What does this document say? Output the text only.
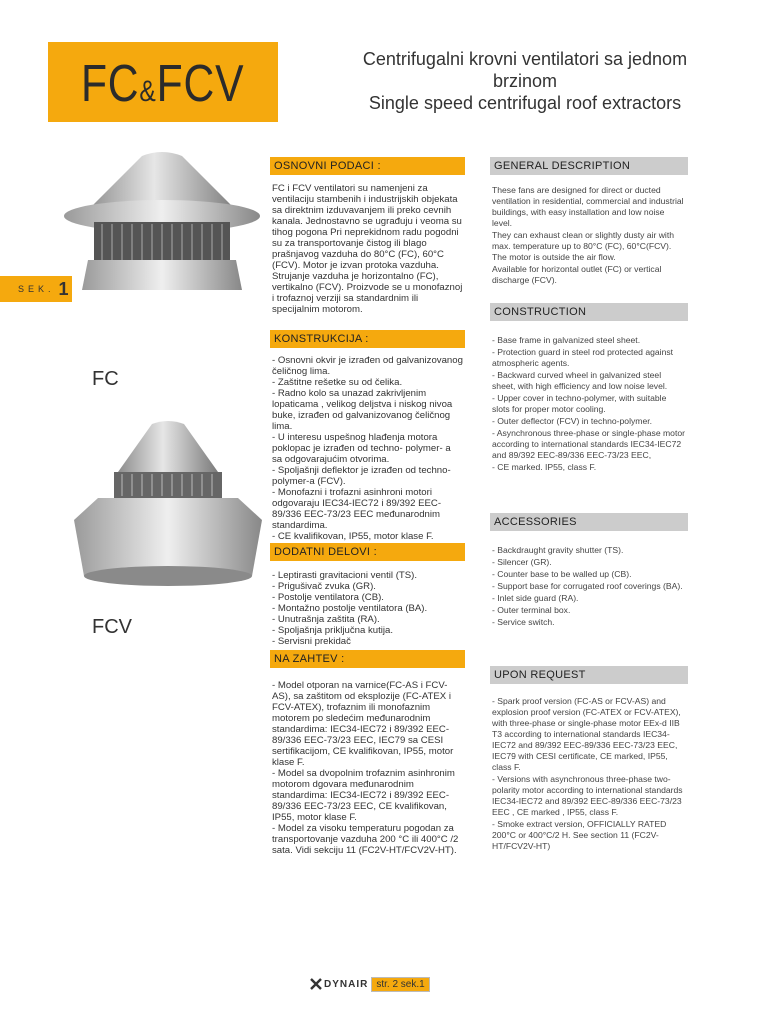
FC&FCV	Centrifugalni krovni ventilatori sa jednom
brzinom
Single speed centrifugal roof extractors
SEK. 1
FC
FCV
OSNOVNI PODACI :
FC i FCV ventilatori su namenjeni za ventilaciju stambenih i industrijskih objekata sa direktnim izduvavanjem ili preko cevnih kanala. Jednostavno se ugrađuju i veoma su tihog pogona Pri neprekidnom radu pogodni su za transportovanje čistog ili blago prašnjavog vazduha do 80°C (FC), 60°C (FCV). Motor je izvan protoka vazduha. Strujanje vazduha je horizontalno (FC), vertikalno (FCV). Proizvode se u monofaznoj i trofaznoj verziji sa standardnim ili specijalnim motorom.
KONSTRUKCIJA :

- Osnovni okvir je izrađen od galvanizovanog čeličnog lima.

- Zaštitne rešetke su od čelika.

- Radno kolo sa unazad zakrivljenim lopaticama , velikog deljstva i niskog nivoa buke, izrađen od galvanizovanog čeličnog lima.

- U interesu uspešnog hlađenja motora poklopac je izrađen od techno- polymer- a sa odgovarajućim otvorima.

- Spoljašnji deflektor je izrađen od techno-polymer-a (FCV).

- Monofazni i trofazni asinhroni motori odgovaraju IEC34-IEC72 i 89/392 EEC-89/336 EEC-73/23 EEC međunarodnim standardima.

- CE kvalifikovan, IP55, motor klase F.

DODATNI DELOVI :

- Leptirasti gravitacioni ventil (TS).

- Prigušivač zvuka (GR).

- Postolje ventilatora (CB).

- Montažno postolje ventilatora (BA).

- Unutrašnja zaštita (RA).

- Spoljašnja priključna kutija.

- Servisni prekidač

NA ZAHTEV :

- Model otporan na varnice(FC-AS i FCV-AS), sa zaštitom od eksplozije (FC-ATEX i FCV-ATEX), trofaznim ili monofaznim motorem po sledećim međunarodnim standardima: IEC34-IEC72 i 89/392 EEC-89/336 EEC-73/23 EEC, IEC79 sa CESI sertifikacijom, CE kvalifikovan, IP55, motor klase F.

- Model sa dvopolnim trofaznim asinhronim motorom dgovara međunarodnim standardima: IEC34-IEC72 i 89/392 EEC-89/336 EEC-73/23 EEC, CE kvalifikovan, IP55, motor klase F.

- Model za visoku temperaturu pogodan za transportovanje vazduha 200 °C ili 400°C /2 sata. Vidi sekciju 11 (FC2V-HT/FCV2V-HT).

GENERAL DESCRIPTION

These fans are designed for direct or ducted ventilation in residential, commercial and industrial buildings, with easy installation and low noise level.

They can exhaust clean or slightly dusty air with max. temperature up to 80°C (FC), 60°C(FCV). The motor is outside the air flow.

Available for horizontal outlet (FC) or vertical discharge (FCV).

CONSTRUCTION

- Base frame in galvanized steel sheet.

- Protection guard in steel rod protected against atmospheric agents.

- Backward curved wheel in galvanized steel sheet, with high efficiency and low noise level.

- Upper cover in techno-polymer, with suitable slots for proper motor cooling.

- Outer deflector (FCV) in techno-polymer.

- Asynchronous three-phase or single-phase motor according to international standards IEC34-IEC72 and 89/392 EEC-89/336 EEC-73/23 EEC,

- CE marked. IP55, class F.

ACCESSORIES

- Backdraught gravity shutter (TS).

- Silencer (GR).

- Counter base to be walled up (CB).

- Support base for corrugated roof coverings (BA).

- Inlet side guard (RA).

- Outer terminal box.

- Service switch.

UPON REQUEST

- Spark proof version (FC-AS or FCV-AS) and explosion proof version (FC-ATEX or FCV-ATEX), with three-phase or single-phase motor EEx-d IIB T3 according to international standards IEC34-IEC72 and 89/392 EEC-89/336 EEC-73/23 EEC, IEC79 with CESI certificate, CE marked, IP55, class F.

- Versions with asynchronous three-phase two-polarity motor according to international standards IEC34-IEC72 and 89/392 EEC-89/336 EEC-73/23 EEC , CE marked , IP55, class F.

- Smoke extract version, OFFICIALLY RATED 200°C or 400°C/2 H. See section 11 (FC2V-HT/FCV2V-HT)

DYNAIR str. 2 sek.1
